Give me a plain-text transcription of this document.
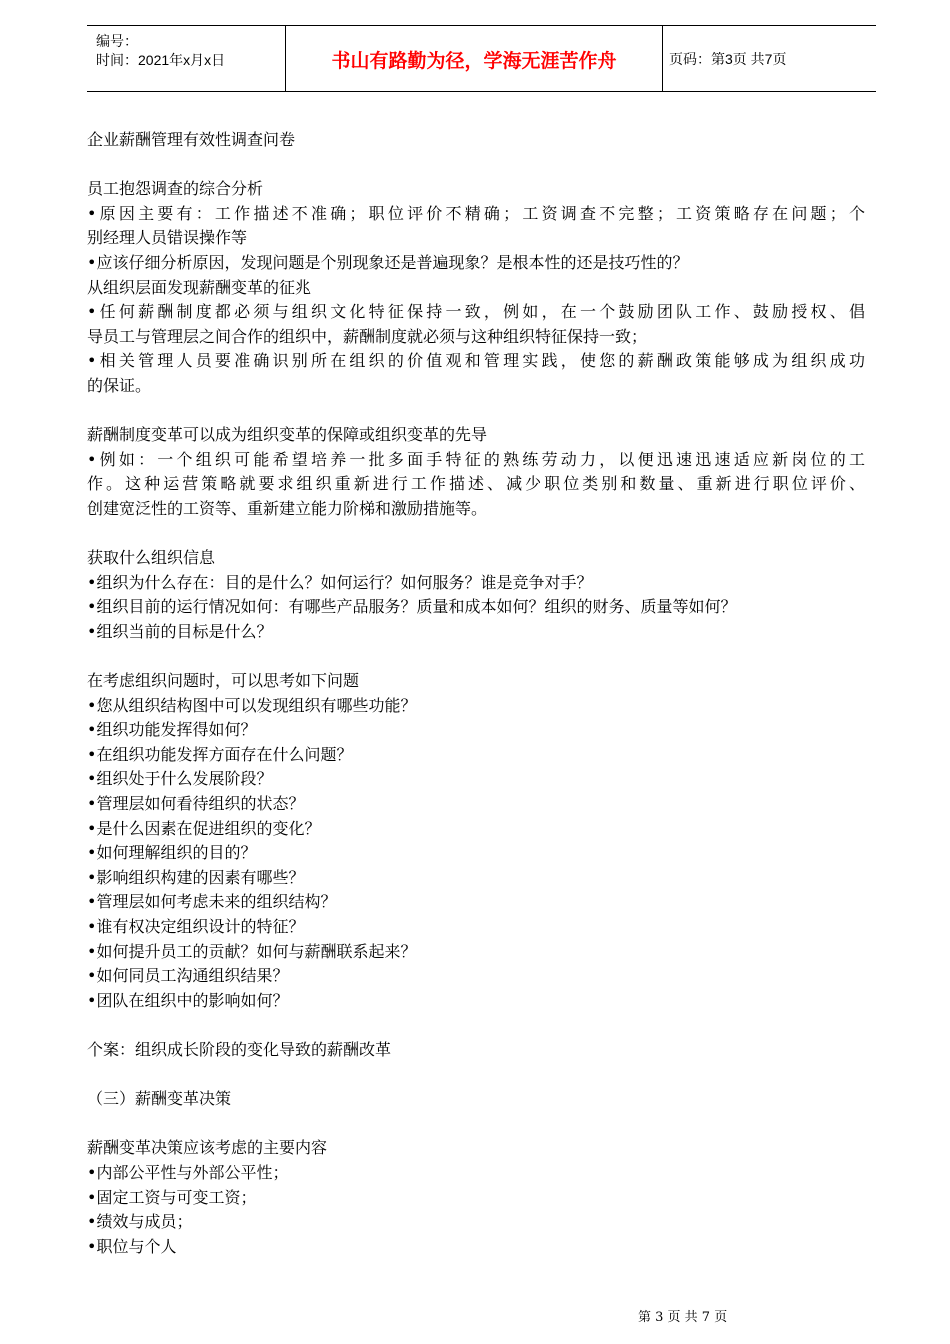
编号：
时间：2021年x月x日	书山有路勤为径，学海无涯苦作舟	页码：第3页 共7页
企业薪酬管理有效性调查问卷
员工抱怨调查的综合分析
•原因主要有：工作描述不准确；职位评价不精确；工资调查不完整；工资策略存在问题；个
别经理人员错误操作等
•应该仔细分析原因，发现问题是个别现象还是普遍现象？是根本性的还是技巧性的？
从组织层面发现薪酬变革的征兆
•任何薪酬制度都必须与组织文化特征保持一致，例如，在一个鼓励团队工作、鼓励授权、倡
导员工与管理层之间合作的组织中，薪酬制度就必须与这种组织特征保持一致；
•相关管理人员要准确识别所在组织的价值观和管理实践，使您的薪酬政策能够成为组织成功
的保证。
薪酬制度变革可以成为组织变革的保障或组织变革的先导
•例如：一个组织可能希望培养一批多面手特征的熟练劳动力，以便迅速迅速适应新岗位的工
作。这种运营策略就要求组织重新进行工作描述、减少职位类别和数量、重新进行职位评价、
创建宽泛性的工资等、重新建立能力阶梯和激励措施等。
获取什么组织信息
•组织为什么存在：目的是什么？如何运行？如何服务？谁是竞争对手？
•组织目前的运行情况如何：有哪些产品服务？质量和成本如何？组织的财务、质量等如何？
•组织当前的目标是什么？
在考虑组织问题时，可以思考如下问题
•您从组织结构图中可以发现组织有哪些功能？
•组织功能发挥得如何？
•在组织功能发挥方面存在什么问题？
•组织处于什么发展阶段？
•管理层如何看待组织的状态？
•是什么因素在促进组织的变化？
•如何理解组织的目的？
•影响组织构建的因素有哪些？
•管理层如何考虑未来的组织结构？
•谁有权决定组织设计的特征？
•如何提升员工的贡献？如何与薪酬联系起来？
•如何同员工沟通组织结果？
•团队在组织中的影响如何？
个案：组织成长阶段的变化导致的薪酬改革
（三）薪酬变革决策
薪酬变革决策应该考虑的主要内容
•内部公平性与外部公平性；
•固定工资与可变工资；
•绩效与成员；
•职位与个人
第 3 页 共 7 页
